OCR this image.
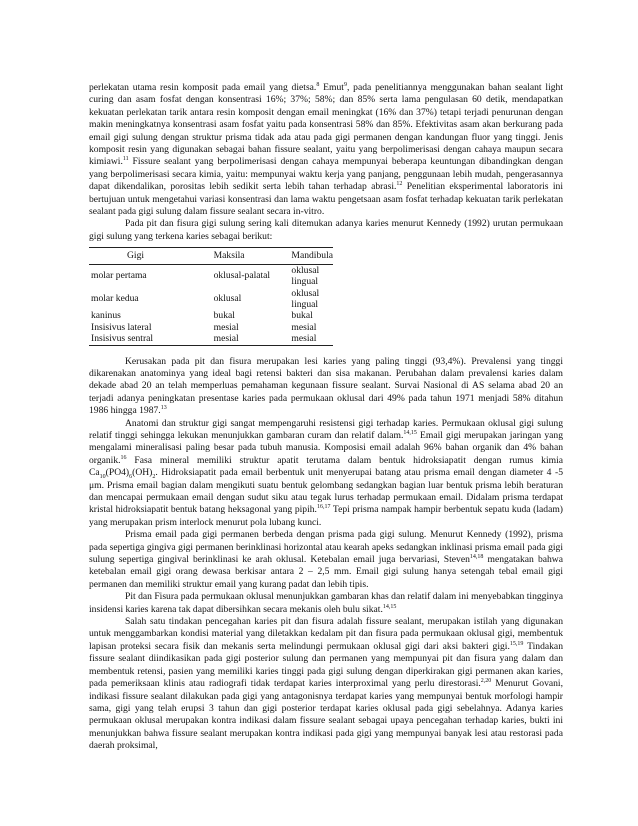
perlekatan utama resin komposit pada email yang dietsa.$^8$ Emut$^9$, pada penelitiannya menggunakan bahan sealant light curing dan asam fosfat dengan konsentrasi 16%; 37%; 58%; dan 85% serta lama pengulasan 60 detik, mendapatkan kekuatan perlekatan tarik antara resin komposit dengan email meningkat (16% dan 37%) tetapi terjadi penurunan dengan makin meningkatnya konsentrasi asam fosfat yaitu pada konsentrasi 58% dan 85%. Efektivitas asam akan berkurang pada email gigi sulung dengan struktur prisma tidak ada atau pada gigi permanen dengan kandungan fluor yang tinggi. Jenis komposit resin yang digunakan sebagai bahan fissure sealant, yaitu yang berpolimerisasi dengan cahaya maupun secara kimiawi.$^{11}$ Fissure sealant yang berpolimerisasi dengan cahaya mempunyai beberapa keuntungan dibandingkan dengan yang berpolimerisasi secara kimia, yaitu: mempunyai waktu kerja yang panjang, penggunaan lebih mudah, pengerasannya dapat dikendalikan, porositas lebih sedikit serta lebih tahan terhadap abrasi.$^{12}$ Penelitian eksperimental laboratoris ini bertujuan untuk mengetahui variasi konsentrasi dan lama waktu pengetsaan asam fosfat terhadap kekuatan tarik perlekatan sealant pada gigi sulung dalam fissure sealant secara in-vitro.

Pada pit dan fisura gigi sulung sering kali ditemukan adanya karies menurut Kennedy (1992) urutan permukaan gigi sulung yang terkena karies sebagai berikut:

Gigi	Maksila	Mandibula
molar pertama	oklusal-palatal	oklusal lingual
molar kedua	oklusal	oklusal lingual
kaninus	bukal	bukal
Insisivus lateral	mesial	mesial
Insisivus sentral	mesial	mesial

Kerusakan pada pit dan fisura merupakan lesi karies yang paling tinggi (93,4%). Prevalensi yang tinggi dikarenakan anatominya yang ideal bagi retensi bakteri dan sisa makanan. Perubahan dalam prevalensi karies dalam dekade abad 20 an telah memperluas pemahaman kegunaan fissure sealant. Survai Nasional di AS selama abad 20 an terjadi adanya peningkatan presentase karies pada permukaan oklusal dari 49% pada tahun 1971 menjadi 58% ditahun 1986 hingga 1987.13

Anatomi dan struktur gigi sangat mempengaruhi resistensi gigi terhadap karies. Permukaan oklusal gigi sulung relatif tinggi sehingga lekukan menunjukkan gambaran curam dan relatif dalam.$^{14,15}$ Email gigi merupakan jaringan yang mengalami mineralisasi paling besar pada tubuh manusia. Komposisi email adalah 96% bahan organik dan 4% bahan organik.$^{16}$ Fasa mineral memiliki struktur apatit terutama dalam bentuk hidroksiapatit dengan rumus kimia $Ca_{10}(PO4)_6(OH)_2$. Hidroksiapatit pada email berbentuk unit menyerupai batang atau prisma email dengan diameter 4 -5 μm. Prisma email bagian dalam mengikuti suatu bentuk gelombang sedangkan bagian luar bentuk prisma lebih beraturan dan mencapai permukaan email dengan sudut siku atau tegak lurus terhadap permukaan email. Didalam prisma terdapat kristal hidroksiapatit bentuk batang heksagonal yang pipih.$^{16,17}$ Tepi prisma nampak hampir berbentuk sepatu kuda (ladam) yang merupakan prism interlock menurut pola lubang kunci.

Prisma email pada gigi permanen berbeda dengan prisma pada gigi sulung. Menurut Kennedy (1992), prisma pada sepertiga gingiva gigi permanen berinklinasi horizontal atau kearah apeks sedangkan inklinasi prisma email pada gigi sulung sepertiga gingival berinklinasi ke arah oklusal. Ketebalan email juga bervariasi, Steven$^{14,18}$ mengatakan bahwa ketebalan email gigi orang dewasa berkisar antara 2 – 2,5 mm. Email gigi sulung hanya setengah tebal email gigi permanen dan memiliki struktur email yang kurang padat dan lebih tipis.

Pit dan Fisura pada permukaan oklusal menunjukkan gambaran khas dan relatif dalam ini menyebabkan tingginya insidensi karies karena tak dapat dibersihkan secara mekanis oleh bulu sikat.$^{14,15}$

Salah satu tindakan pencegahan karies pit dan fisura adalah fissure sealant, merupakan istilah yang digunakan untuk menggambarkan kondisi material yang diletakkan kedalam pit dan fisura pada permukaan oklusal gigi, membentuk lapisan proteksi secara fisik dan mekanis serta melindungi permukaan oklusal gigi dari aksi bakteri gigi.$^{15,19}$ Tindakan fissure sealant diindikasikan pada gigi posterior sulung dan permanen yang mempunyai pit dan fisura yang dalam dan membentuk retensi, pasien yang memiliki karies tinggi pada gigi sulung dengan diperkirakan gigi permanen akan karies, pada pemeriksaan klinis atau radiografi tidak terdapat karies interproximal yang perlu direstorasi.$^{2,20}$ Menurut Govani, indikasi fissure sealant dilakukan pada gigi yang antagonisnya terdapat karies yang mempunyai bentuk morfologi hampir sama, gigi yang telah erupsi 3 tahun dan gigi posterior terdapat karies oklusal pada gigi sebelahnya. Adanya karies permukaan oklusal merupakan kontra indikasi dalam fissure sealant sebagai upaya pencegahan terhadap karies, bukti ini menunjukkan bahwa fissure sealant merupakan kontra indikasi pada gigi yang mempunyai banyak lesi atau restorasi pada daerah proksimal,
